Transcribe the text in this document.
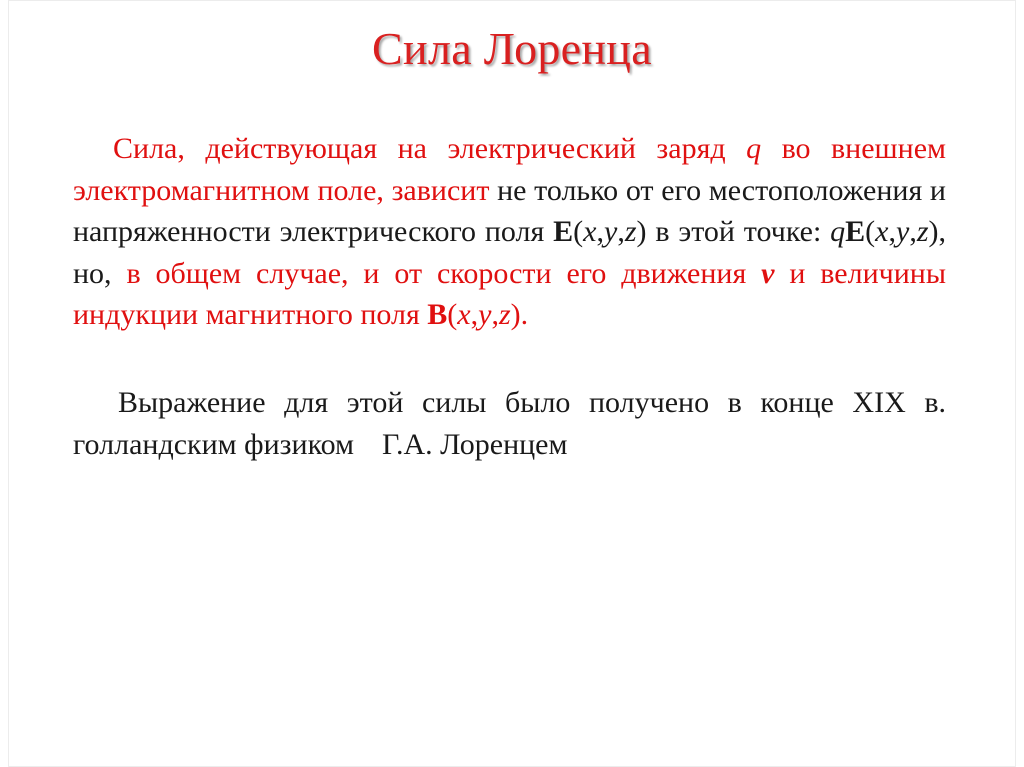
Сила Лоренца
Сила, действующая на электрический заряд q во внешнем электромагнитном поле, зависит не только от его местоположения и напряженности электрического поля E(x,y,z) в этой точке: qE(x,y,z), но, в общем случае, и от скорости его движения v и величины индукции магнитного поля B(x,y,z).
Выражение для этой силы было получено в конце XIX в. голландским физиком Г.А. Лоренцем
